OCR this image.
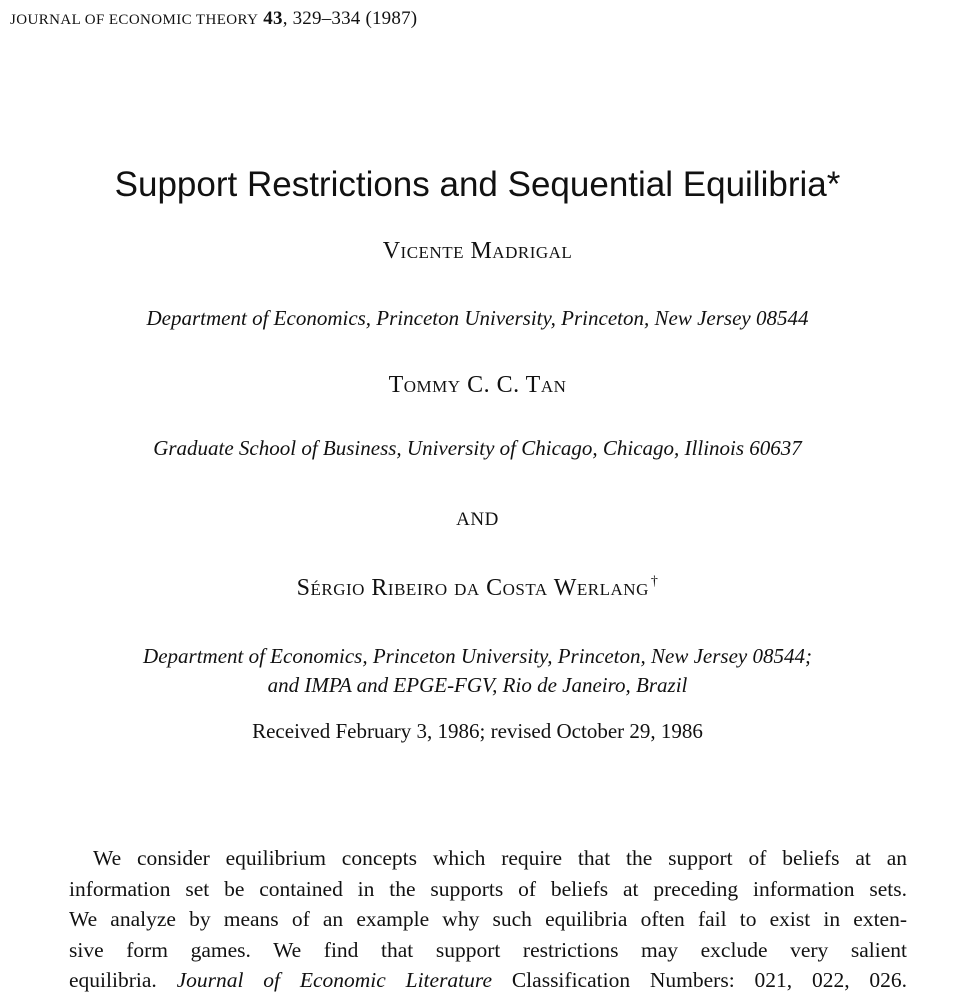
JOURNAL OF ECONOMIC THEORY 43, 329–334 (1987)
Support Restrictions and Sequential Equilibria*
Vicente Madrigal
Department of Economics, Princeton University, Princeton, New Jersey 08544
Tommy C. C. Tan
Graduate School of Business, University of Chicago, Chicago, Illinois 60637
AND
Sérgio Ribeiro da Costa Werlang †
Department of Economics, Princeton University, Princeton, New Jersey 08544;
and IMPA and EPGE-FGV, Rio de Janeiro, Brazil
Received February 3, 1986; revised October 29, 1986
We consider equilibrium concepts which require that the support of beliefs at an
information set be contained in the supports of beliefs at preceding information sets.
We analyze by means of an example why such equilibria often fail to exist in exten-
sive form games. We find that support restrictions may exclude very salient
equilibria. Journal of Economic Literature Classification Numbers: 021, 022, 026.
